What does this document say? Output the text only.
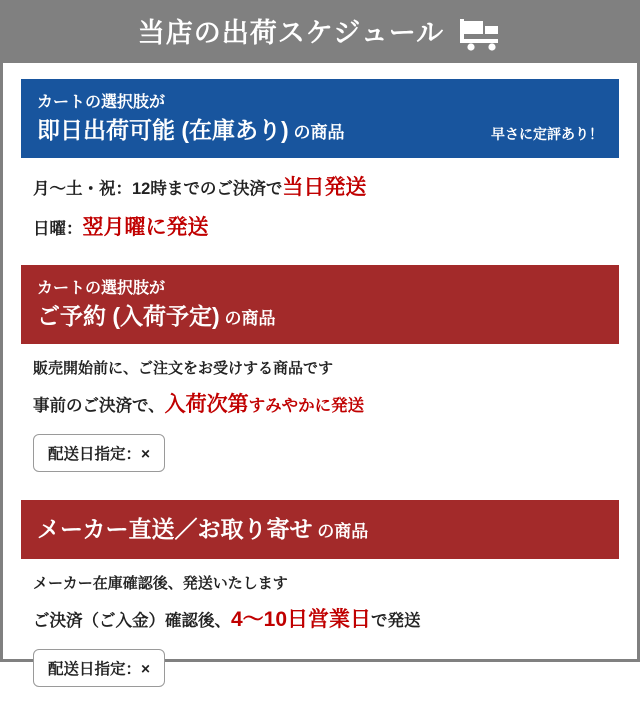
当店の出荷スケジュール
カートの選択肢が
即日出荷可能 (在庫あり) の商品	早さに定評あり！
月〜土・祝：12時までのご決済で当日発送
日曜：翌月曜に発送
カートの選択肢が
ご予約 (入荷予定) の商品
販売開始前に、ご注文をお受けする商品です
事前のご決済で、入荷次第すみやかに発送
配送日指定：×
メーカー直送／お取り寄せ の商品
メーカー在庫確認後、発送いたします
ご決済（ご入金）確認後、4〜10日営業日で発送
配送日指定：×
